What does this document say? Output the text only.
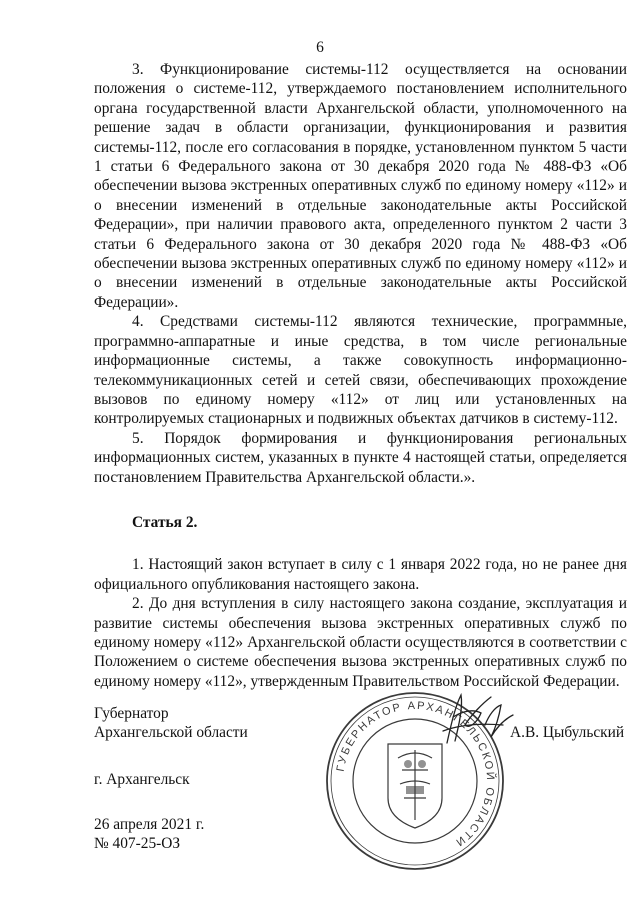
6

3. Функционирование системы-112 осуществляется на основании положения о системе-112, утверждаемого постановлением исполнительного органа государственной власти Архангельской области, уполномоченного на решение задач в области организации, функционирования и развития системы-112, после его согласования в порядке, установленном пунктом 5 части 1 статьи 6 Федерального закона от 30 декабря 2020 года № 488-ФЗ «Об обеспечении вызова экстренных оперативных служб по единому номеру «112» и о внесении изменений в отдельные законодательные акты Российской Федерации», при наличии правового акта, определенного пунктом 2 части 3 статьи 6 Федерального закона от 30 декабря 2020 года № 488-ФЗ «Об обеспечении вызова экстренных оперативных служб по единому номеру «112» и о внесении изменений в отдельные законодательные акты Российской Федерации».

4. Средствами системы-112 являются технические, программные, программно-аппаратные и иные средства, в том числе региональные информационные системы, а также совокупность информационно-телекоммуникационных сетей и сетей связи, обеспечивающих прохождение вызовов по единому номеру «112» от лиц или установленных на контролируемых стационарных и подвижных объектах датчиков в систему-112.

5. Порядок формирования и функционирования региональных информационных систем, указанных в пункте 4 настоящей статьи, определяется постановлением Правительства Архангельской области.».

Статья 2.

1. Настоящий закон вступает в силу с 1 января 2022 года, но не ранее дня официального опубликования настоящего закона.

2. До дня вступления в силу настоящего закона создание, эксплуатация и развитие системы обеспечения вызова экстренных оперативных служб по единому номеру «112» Архангельской области осуществляются в соответствии с Положением о системе обеспечения вызова экстренных оперативных служб по единому номеру «112», утвержденным Правительством Российской Федерации.

ГУБЕРНАТОР АРХАНГЕЛЬСКОЙ ОБЛАСТИ
Губернатор
Архангельской области	А.В. Цыбульский
г. Архангельск
26 апреля 2021 г.
№ 407-25-ОЗ
